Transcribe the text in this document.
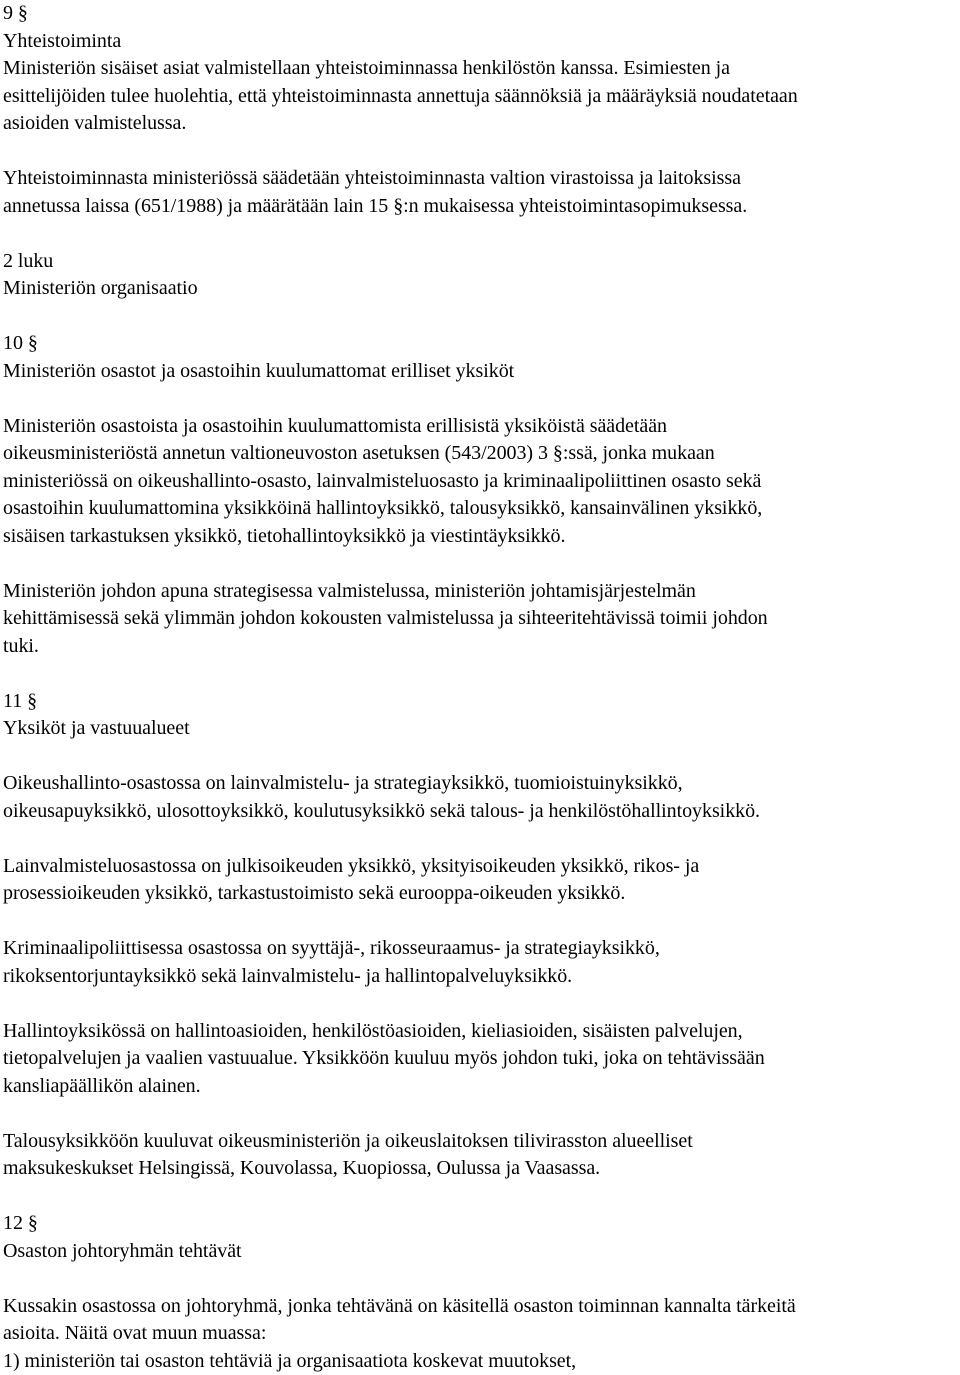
9 §
Yhteistoiminta
Ministeriön sisäiset asiat valmistellaan yhteistoiminnassa henkilöstön kanssa. Esimiesten ja
esittelijöiden tulee huolehtia, että yhteistoiminnasta annettuja säännöksiä ja määräyksiä noudatetaan
asioiden valmistelussa.
Yhteistoiminnasta ministeriössä säädetään yhteistoiminnasta valtion virastoissa ja laitoksissa
annetussa laissa (651/1988) ja määrätään lain 15 §:n mukaisessa yhteistoimintasopimuksessa.
2 luku
Ministeriön organisaatio
10 §
Ministeriön osastot ja osastoihin kuulumattomat erilliset yksiköt
Ministeriön osastoista ja osastoihin kuulumattomista erillisistä yksiköistä säädetään
oikeusministeriöstä annetun valtioneuvoston asetuksen (543/2003) 3 §:ssä, jonka mukaan
ministeriössä on oikeushallinto-osasto, lainvalmisteluosasto ja kriminaalipoliittinen osasto sekä
osastoihin kuulumattomina yksikköinä hallintoyksikkö, talousyksikkö, kansainvälinen yksikkö,
sisäisen tarkastuksen yksikkö, tietohallintoyksikkö ja viestintäyksikkö.
Ministeriön johdon apuna strategisessa valmistelussa, ministeriön johtamisjärjestelmän
kehittämisessä sekä ylimmän johdon kokousten valmistelussa ja sihteeritehtävissä toimii johdon
tuki.
11 §
Yksiköt ja vastuualueet
Oikeushallinto-osastossa on lainvalmistelu- ja strategiayksikkö, tuomioistuinyksikkö,
oikeusapuyksikkö, ulosottoyksikkö, koulutusyksikkö sekä talous- ja henkilöstöhallintoyksikkö.
Lainvalmisteluosastossa on julkisoikeuden yksikkö, yksityisoikeuden yksikkö, rikos- ja
prosessioikeuden yksikkö, tarkastustoimisto sekä eurooppa-oikeuden yksikkö.
Kriminaalipoliittisessa osastossa on syyttäjä-, rikosseuraamus- ja strategiayksikkö,
rikoksentorjuntayksikkö sekä lainvalmistelu- ja hallintopalveluyksikkö.
Hallintoyksikössä on hallintoasioiden, henkilöstöasioiden, kieliasioiden, sisäisten palvelujen,
tietopalvelujen ja vaalien vastuualue. Yksikköön kuuluu myös johdon tuki, joka on tehtävissään
kansliapäällikön alainen.
Talousyksikköön kuuluvat oikeusministeriön ja oikeuslaitoksen tilivirasston alueelliset
maksukeskukset Helsingissä, Kouvolassa, Kuopiossa, Oulussa ja Vaasassa.
12 §
Osaston johtoryhmän tehtävät
Kussakin osastossa on johtoryhmä, jonka tehtävänä on käsitellä osaston toiminnan kannalta tärkeitä
asioita. Näitä ovat muun muassa:
1) ministeriön tai osaston tehtäviä ja organisaatiota koskevat muutokset,
